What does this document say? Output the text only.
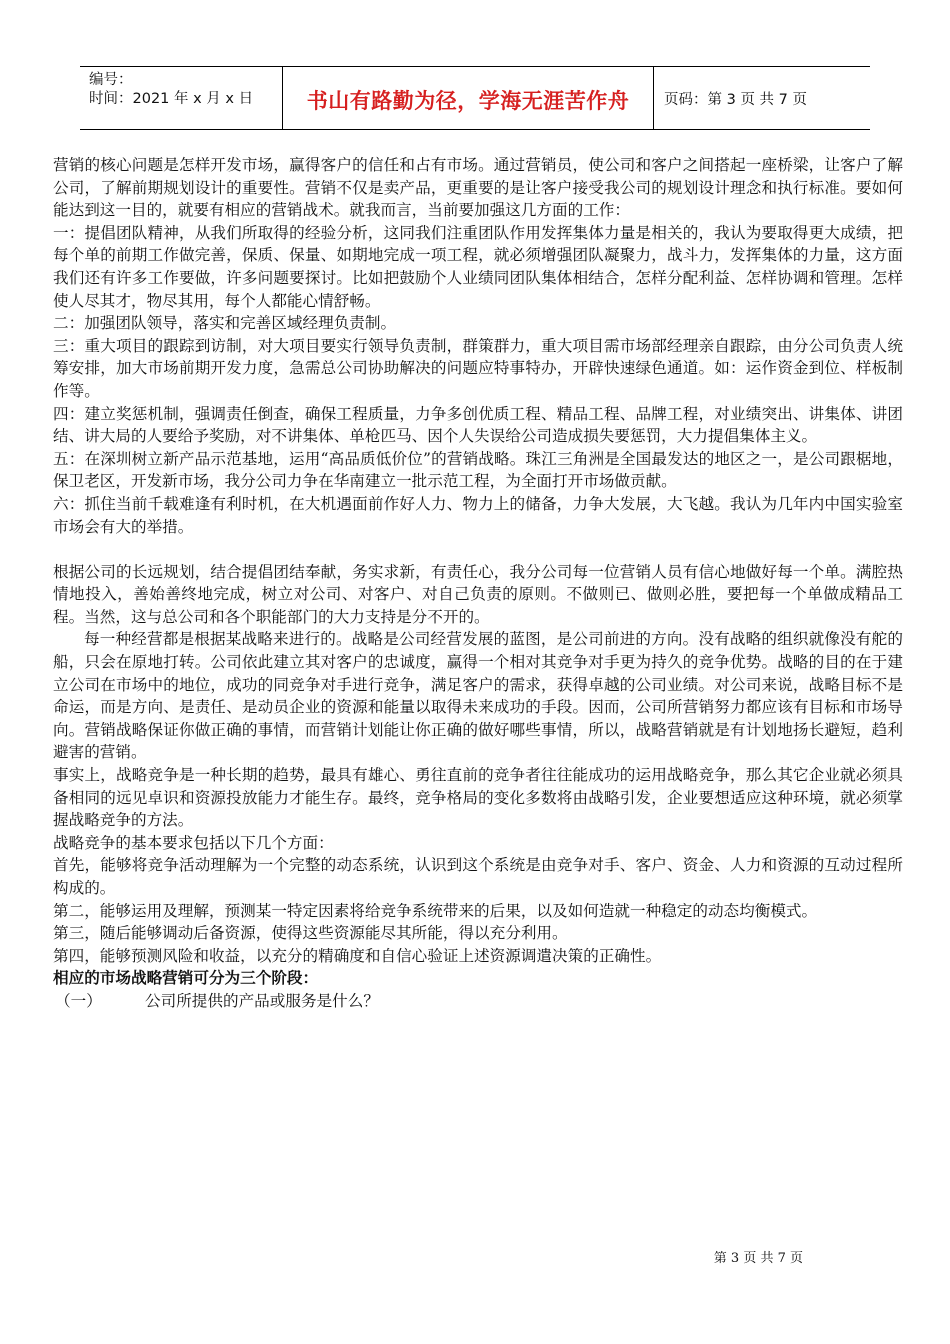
编号：
时间：2021 年 x 月 x 日	书山有路勤为径，学海无涯苦作舟 页码：第 3 页 共 7 页

营销的核心问题是怎样开发市场，赢得客户的信任和占有市场。通过营销员，使公司和客户之间搭起一座桥梁，让客户了解公司，了解前期规划设计的重要性。营销不仅是卖产品，更重要的是让客户接受我公司的规划设计理念和执行标准。要如何能达到这一目的，就要有相应的营销战术。就我而言，当前要加强这几方面的工作：

一：提倡团队精神，从我们所取得的经验分析，这同我们注重团队作用发挥集体力量是相关的，我认为要取得更大成绩，把每个单的前期工作做完善，保质、保量、如期地完成一项工程，就必须增强团队凝聚力，战斗力，发挥集体的力量，这方面我们还有许多工作要做，许多问题要探讨。比如把鼓励个人业绩同团队集体相结合，怎样分配利益、怎样协调和管理。怎样使人尽其才，物尽其用，每个人都能心情舒畅。

二：加强团队领导，落实和完善区域经理负责制。

三：重大项目的跟踪到访制，对大项目要实行领导负责制，群策群力，重大项目需市场部经理亲自跟踪，由分公司负责人统筹安排，加大市场前期开发力度，急需总公司协助解决的问题应特事特办，开辟快速绿色通道。如：运作资金到位、样板制作等。

四：建立奖惩机制，强调责任倒查，确保工程质量，力争多创优质工程、精品工程、品牌工程，对业绩突出、讲集体、讲团结、讲大局的人要给予奖励，对不讲集体、单枪匹马、因个人失误给公司造成损失要惩罚，大力提倡集体主义。

五：在深圳树立新产品示范基地，运用“高品质低价位”的营销战略。珠江三角洲是全国最发达的地区之一，是公司跟椐地，保卫老区，开发新市场，我分公司力争在华南建立一批示范工程，为全面打开市场做贡献。

六：抓住当前千载难逢有利时机，在大机遇面前作好人力、物力上的储备，力争大发展，大飞越。我认为几年内中国实验室市场会有大的举措。

根据公司的长远规划，结合提倡团结奉献，务实求新，有责任心，我分公司每一位营销人员有信心地做好每一个单。满腔热情地投入，善始善终地完成，树立对公司、对客户、对自己负责的原则。不做则已、做则必胜，要把每一个单做成精品工程。当然，这与总公司和各个职能部门的大力支持是分不开的。

每一种经营都是根据某战略来进行的。战略是公司经营发展的蓝图，是公司前进的方向。没有战略的组织就像没有舵的船，只会在原地打转。公司依此建立其对客户的忠诚度，赢得一个相对其竞争对手更为持久的竞争优势。战略的目的在于建立公司在市场中的地位，成功的同竞争对手进行竞争，满足客户的需求，获得卓越的公司业绩。对公司来说，战略目标不是命运，而是方向、是责任、是动员企业的资源和能量以取得未来成功的手段。因而，公司所营销努力都应该有目标和市场导向。营销战略保证你做正确的事情，而营销计划能让你正确的做好哪些事情，所以，战略营销就是有计划地扬长避短，趋利避害的营销。

事实上，战略竞争是一种长期的趋势，最具有雄心、勇往直前的竞争者往往能成功的运用战略竞争，那么其它企业就必须具备相同的远见卓识和资源投放能力才能生存。最终，竞争格局的变化多数将由战略引发，企业要想适应这种环境，就必须掌握战略竞争的方法。

战略竞争的基本要求包括以下几个方面：

首先，能够将竞争活动理解为一个完整的动态系统，认识到这个系统是由竞争对手、客户、资金、人力和资源的互动过程所构成的。

第二，能够运用及理解，预测某一特定因素将给竞争系统带来的后果，以及如何造就一种稳定的动态均衡模式。

第三，随后能够调动后备资源，使得这些资源能尽其所能，得以充分利用。

第四，能够预测风险和收益，以充分的精确度和自信心验证上述资源调遣决策的正确性。

相应的市场战略营销可分为三个阶段：

（一）	公司所提供的产品或服务是什么？
第 3 页 共 7 页
